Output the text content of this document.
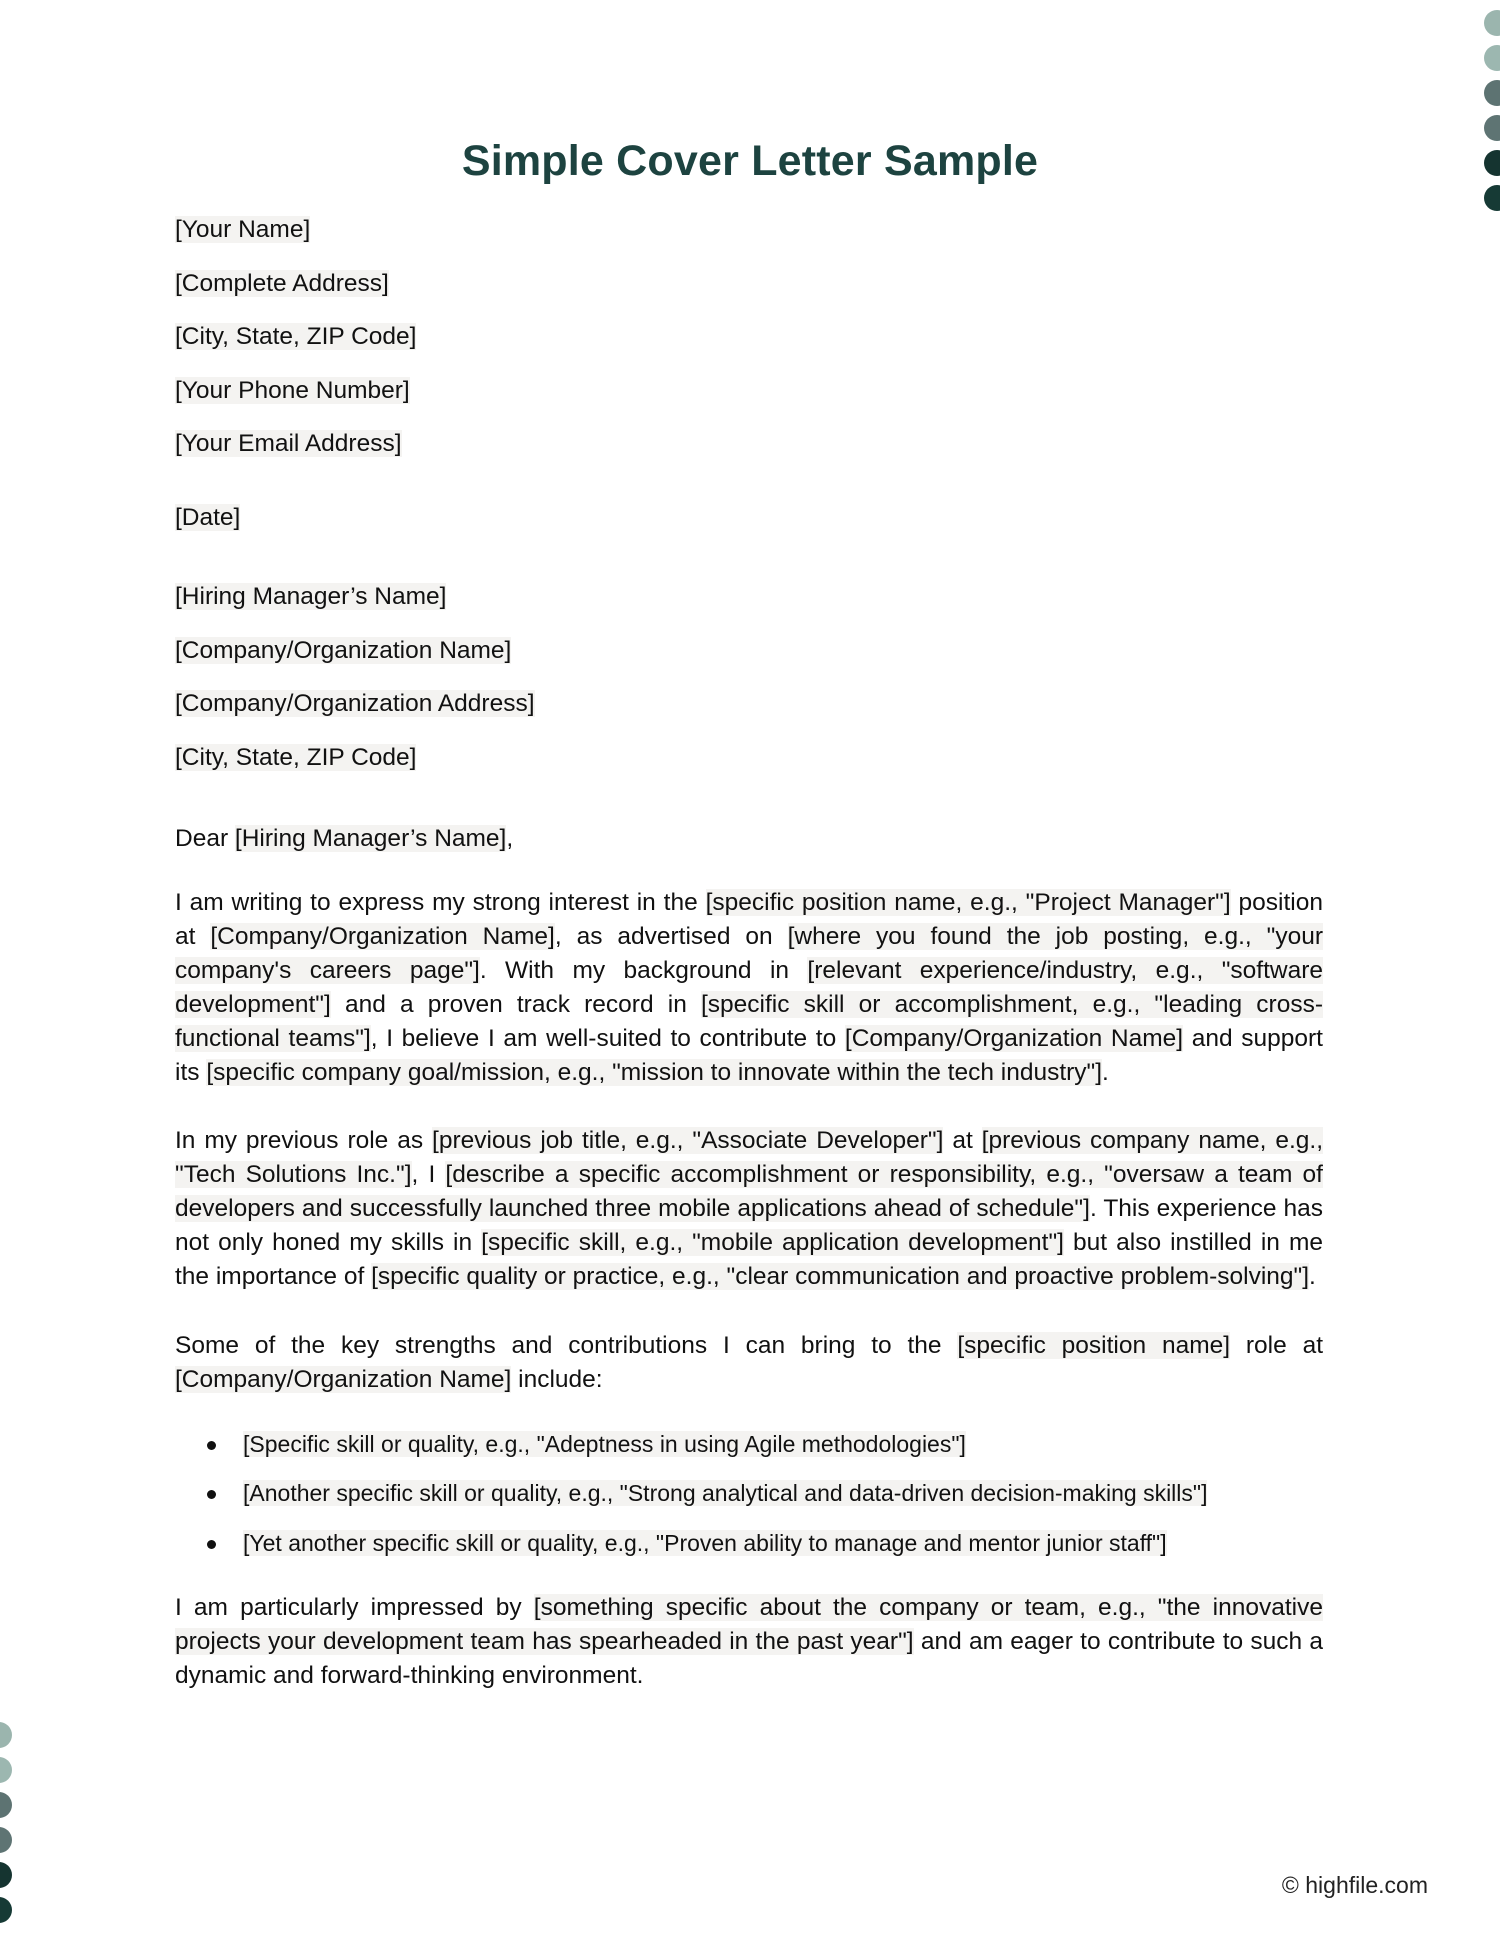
Simple Cover Letter Sample
[Your Name]
[Complete Address]
[City, State, ZIP Code]
[Your Phone Number]
[Your Email Address]
[Date]
[Hiring Manager’s Name]
[Company/Organization Name]
[Company/Organization Address]
[City, State, ZIP Code]
Dear [Hiring Manager’s Name],

I am writing to express my strong interest in the [specific position name, e.g., "Project Manager"] position at [Company/Organization Name], as advertised on [where you found the job posting, e.g., "your company's careers page"]. With my background in [relevant experience/industry, e.g., "software development"] and a proven track record in [specific skill or accomplishment, e.g., "leading cross-functional teams"], I believe I am well-suited to contribute to [Company/Organization Name] and support its [specific company goal/mission, e.g., "mission to innovate within the tech industry"].

In my previous role as [previous job title, e.g., "Associate Developer"] at [previous company name, e.g., "Tech Solutions Inc."], I [describe a specific accomplishment or responsibility, e.g., "oversaw a team of developers and successfully launched three mobile applications ahead of schedule"]. This experience has not only honed my skills in [specific skill, e.g., "mobile application development"] but also instilled in me the importance of [specific quality or practice, e.g., "clear communication and proactive problem-solving"].

Some of the key strengths and contributions I can bring to the [specific position name] role at [Company/Organization Name] include:

[Specific skill or quality, e.g., "Adeptness in using Agile methodologies"]
[Another specific skill or quality, e.g., "Strong analytical and data-driven decision-making skills"]
[Yet another specific skill or quality, e.g., "Proven ability to manage and mentor junior staff"]

I am particularly impressed by [something specific about the company or team, e.g., "the innovative projects your development team has spearheaded in the past year"] and am eager to contribute to such a dynamic and forward-thinking environment.

© highfile.com
